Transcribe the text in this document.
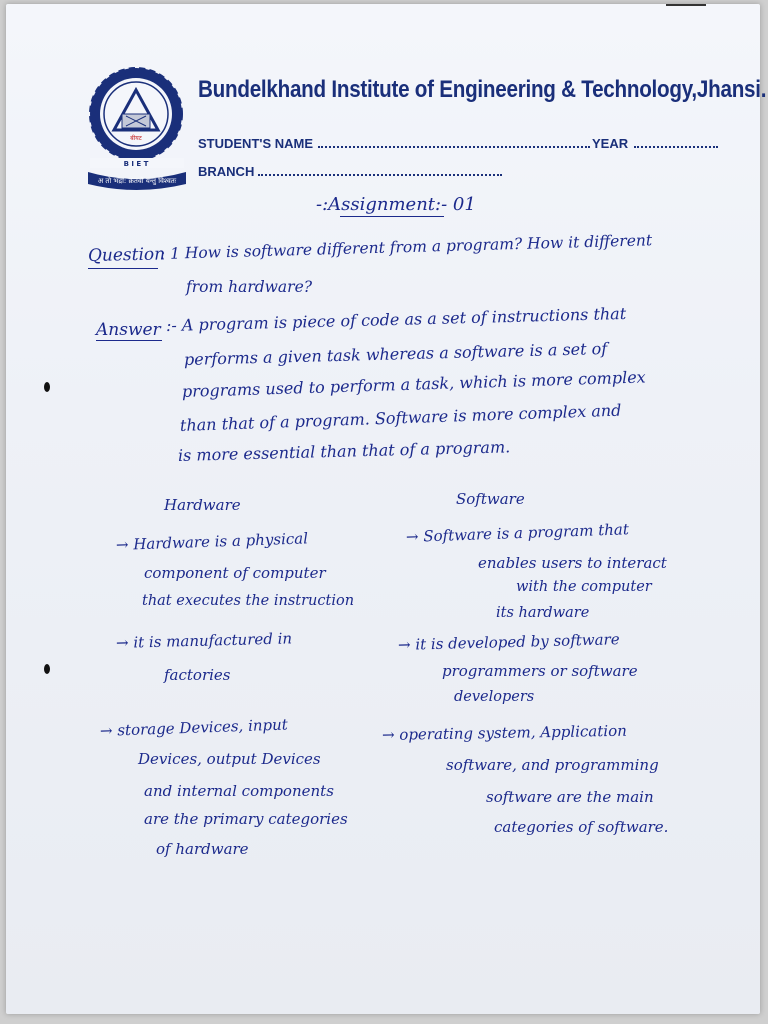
बीयट
B I E T
अ तो भद्रा: क्रतवो यन्तु विश्वतः
Bundelkhand Institute of Engineering & Technology,Jhansi.
STUDENT'S NAME	YEAR
BRANCH
-:Assignment:- 01
Question
: 1 How is software different from a program? How it different
from hardware?
Answer :- A program is piece of code as a set of instructions that
performs a given task whereas a software is a set of
programs used to perform a task, which is more complex
than that of a program. Software is more complex and
is more essential than that of a program.
Hardware	Software
→ Hardware is a physical
component of computer
that executes the instruction
→ it is manufactured in
factories
→ storage Devices, input
Devices, output Devices
and internal components
are the primary categories
of hardware
→ Software is a program that
enables users to interact
with the computer
its hardware
→ it is developed by software
programmers or software
developers
→ operating system, Application
software, and programming
software are the main
categories of software.
